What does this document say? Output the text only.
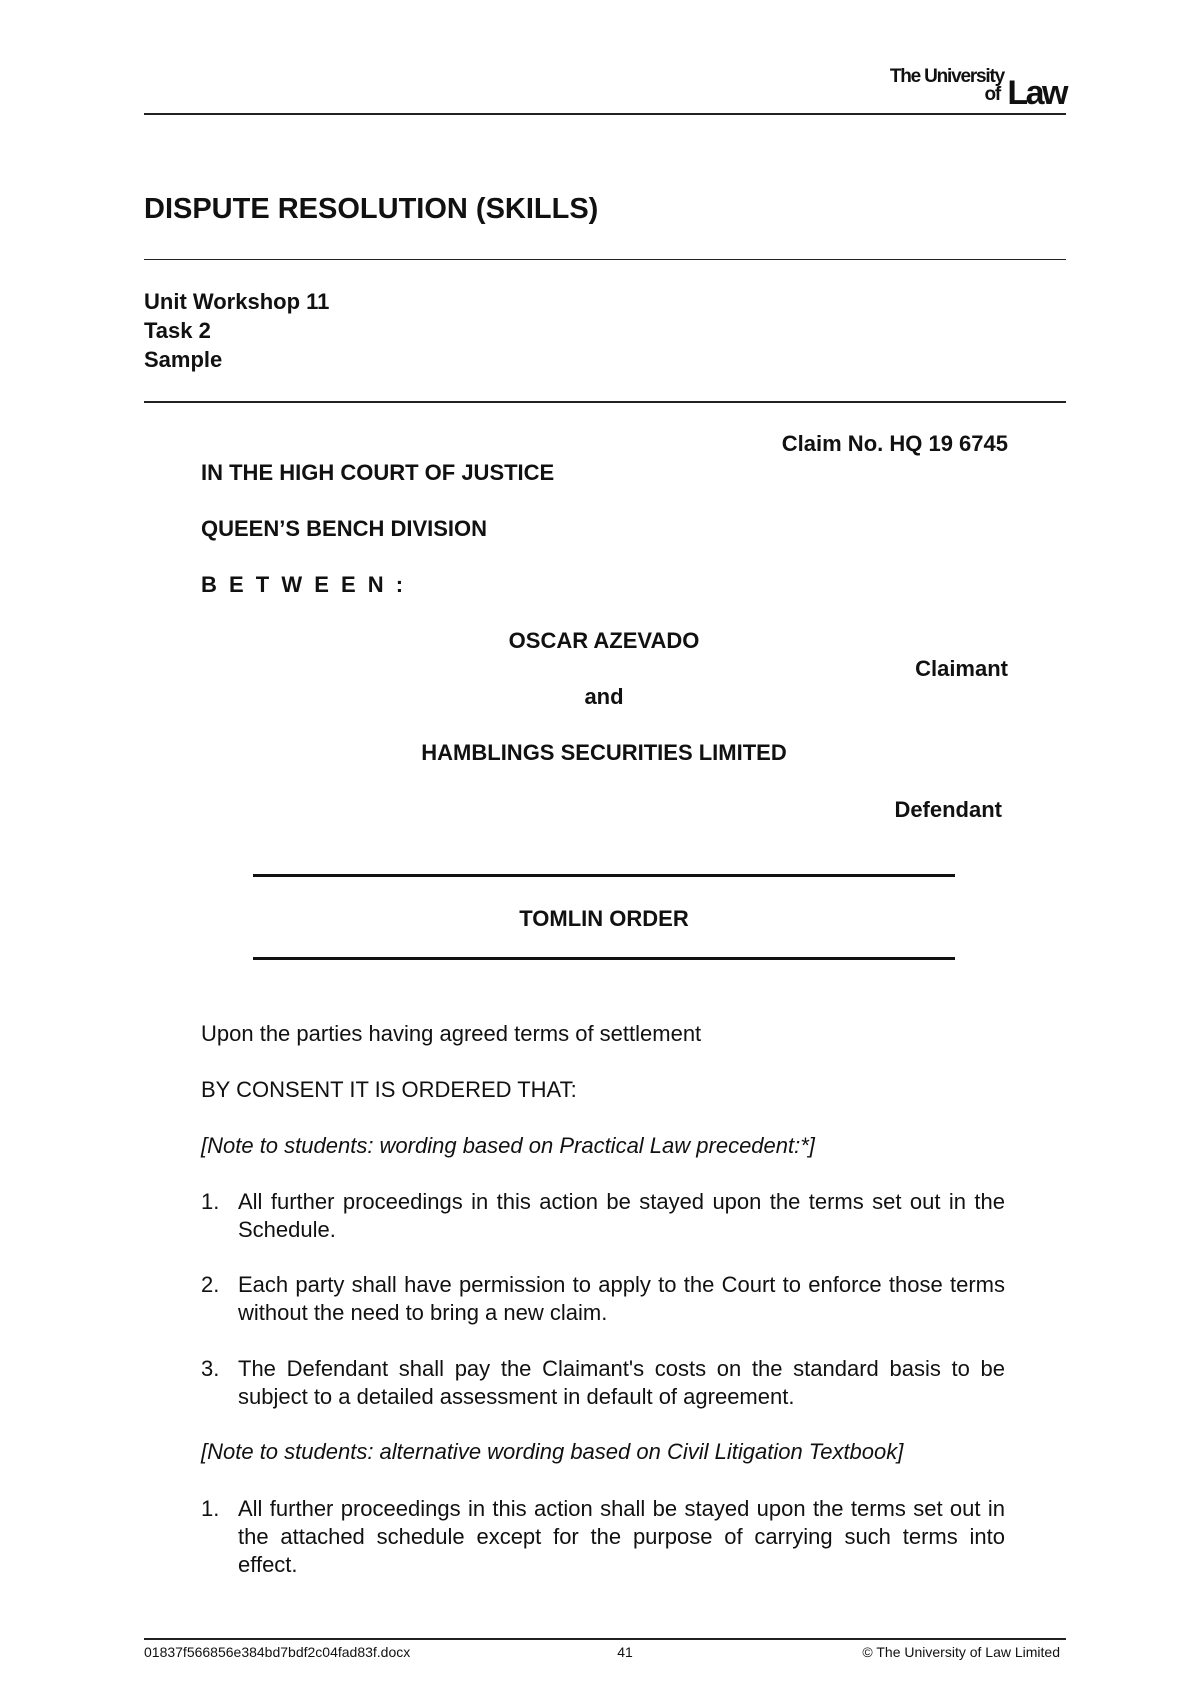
The University
of Law
DISPUTE RESOLUTION (SKILLS)
Unit Workshop 11
Task 2
Sample
Claim No. HQ 19 6745
IN THE HIGH COURT OF JUSTICE
QUEEN’S BENCH DIVISION
B E T W E E N :
OSCAR AZEVADO
Claimant
and
HAMBLINGS SECURITIES LIMITED
Defendant
TOMLIN ORDER
Upon the parties having agreed terms of settlement
BY CONSENT IT IS ORDERED THAT:
[Note to students: wording based on Practical Law precedent:*]
1. All further proceedings in this action be stayed upon the terms set out in the Schedule.
2. Each party shall have permission to apply to the Court to enforce those terms without the need to bring a new claim.
3. The Defendant shall pay the Claimant's costs on the standard basis to be subject to a detailed assessment in default of agreement.
[Note to students: alternative wording based on Civil Litigation Textbook]
1. All further proceedings in this action shall be stayed upon the terms set out in the attached schedule except for the purpose of carrying such terms into effect.
01837f566856e384bd7bdf2c04fad83f.docx	41	© The University of Law Limited
